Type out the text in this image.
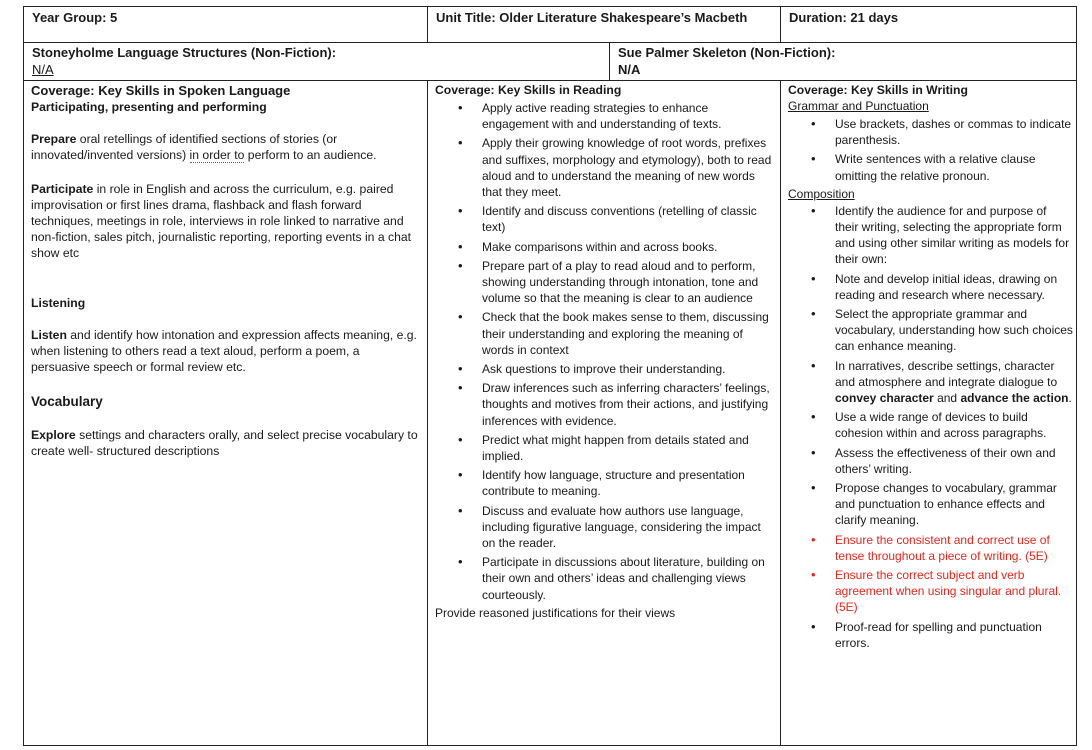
Year Group: 5	Unit Title: Older Literature Shakespeare’s Macbeth	Duration: 21 days
Stoneyholme Language Structures (Non-Fiction):
N/A
Sue Palmer Skeleton (Non-Fiction):
N/A
Coverage: Key Skills in Spoken Language
Participating, presenting and performing

Prepare oral retellings of identified sections of stories (or innovated/invented versions) in order to perform to an audience.

Participate in role in English and across the curriculum, e.g. paired improvisation or first lines drama, flashback and flash forward techniques, meetings in role, interviews in role linked to narrative and non-fiction, sales pitch, journalistic reporting, reporting events in a chat show etc

Listening

Listen and identify how intonation and expression affects meaning, e.g. when listening to others read a text aloud, perform a poem, a persuasive speech or formal review etc.

Vocabulary

Explore settings and characters orally, and select precise vocabulary to create well- structured descriptions

Coverage: Key Skills in Reading
• Apply active reading strategies to enhance engagement with and understanding of texts.
• Apply their growing knowledge of root words, prefixes and suffixes, morphology and etymology), both to read aloud and to understand the meaning of new words that they meet.
• Identify and discuss conventions (retelling of classic text)
• Make comparisons within and across books.
• Prepare part of a play to read aloud and to perform, showing understanding through intonation, tone and volume so that the meaning is clear to an audience
• Check that the book makes sense to them, discussing their understanding and exploring the meaning of words in context
• Ask questions to improve their understanding.
• Draw inferences such as inferring characters’ feelings, thoughts and motives from their actions, and justifying inferences with evidence.
• Predict what might happen from details stated and implied.
• Identify how language, structure and presentation contribute to meaning.
• Discuss and evaluate how authors use language, including figurative language, considering the impact on the reader.
• Participate in discussions about literature, building on their own and others’ ideas and challenging views courteously.
Provide reasoned justifications for their views
Coverage: Key Skills in Writing
Grammar and Punctuation
• Use brackets, dashes or commas to indicate parenthesis.
• Write sentences with a relative clause omitting the relative pronoun.
Composition
• Identify the audience for and purpose of their writing, selecting the appropriate form and using other similar writing as models for their own:
• Note and develop initial ideas, drawing on reading and research where necessary.
• Select the appropriate grammar and vocabulary, understanding how such choices can enhance meaning.
• In narratives, describe settings, character and atmosphere and integrate dialogue to convey character and advance the action.
• Use a wide range of devices to build cohesion within and across paragraphs.
• Assess the effectiveness of their own and others’ writing.
• Propose changes to vocabulary, grammar and punctuation to enhance effects and clarify meaning.
• Ensure the consistent and correct use of tense throughout a piece of writing. (5E)
• Ensure the correct subject and verb agreement when using singular and plural. (5E)
• Proof-read for spelling and punctuation errors.
